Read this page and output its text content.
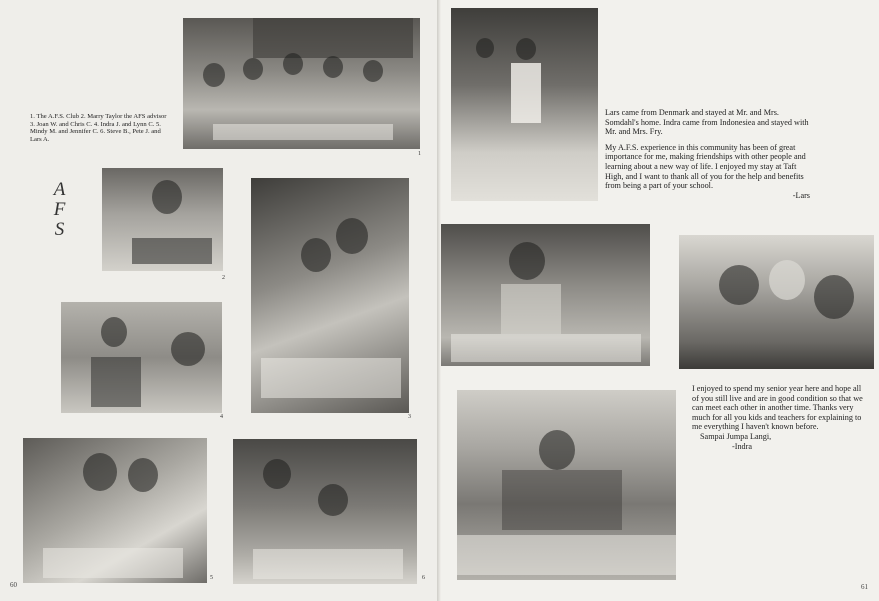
1
1. The A.F.S. Club 2. Marry Taylor the AFS advisor 3. Joan W. and Chris C. 4. Indra J. and Lynn C. 5. Mindy M. and Jennifer C. 6. Steve B., Pete J. and Lars A.
A
F
S
2
3
4
5	6
60

Lars came from Denmark and stayed at Mr. and Mrs. Somdahl's home. Indra came from Indonesiea and stayed with Mr. and Mrs. Fry.

My A.F.S. experience in this community has been of great importance for me, making friendships with other people and learning about a new way of life. I enjoyed my stay at Taft High, and I want to thank all of you for the help and benefits from being a part of your school.

-Lars

I enjoyed to spend my senior year here and hope all of you still live and are in good condition so that we can meet each other in another time. Thanks very much for all you kids and teachers for explaining to me everything I haven't known before.

Sampai Jumpa Langi,
-Indra
61
